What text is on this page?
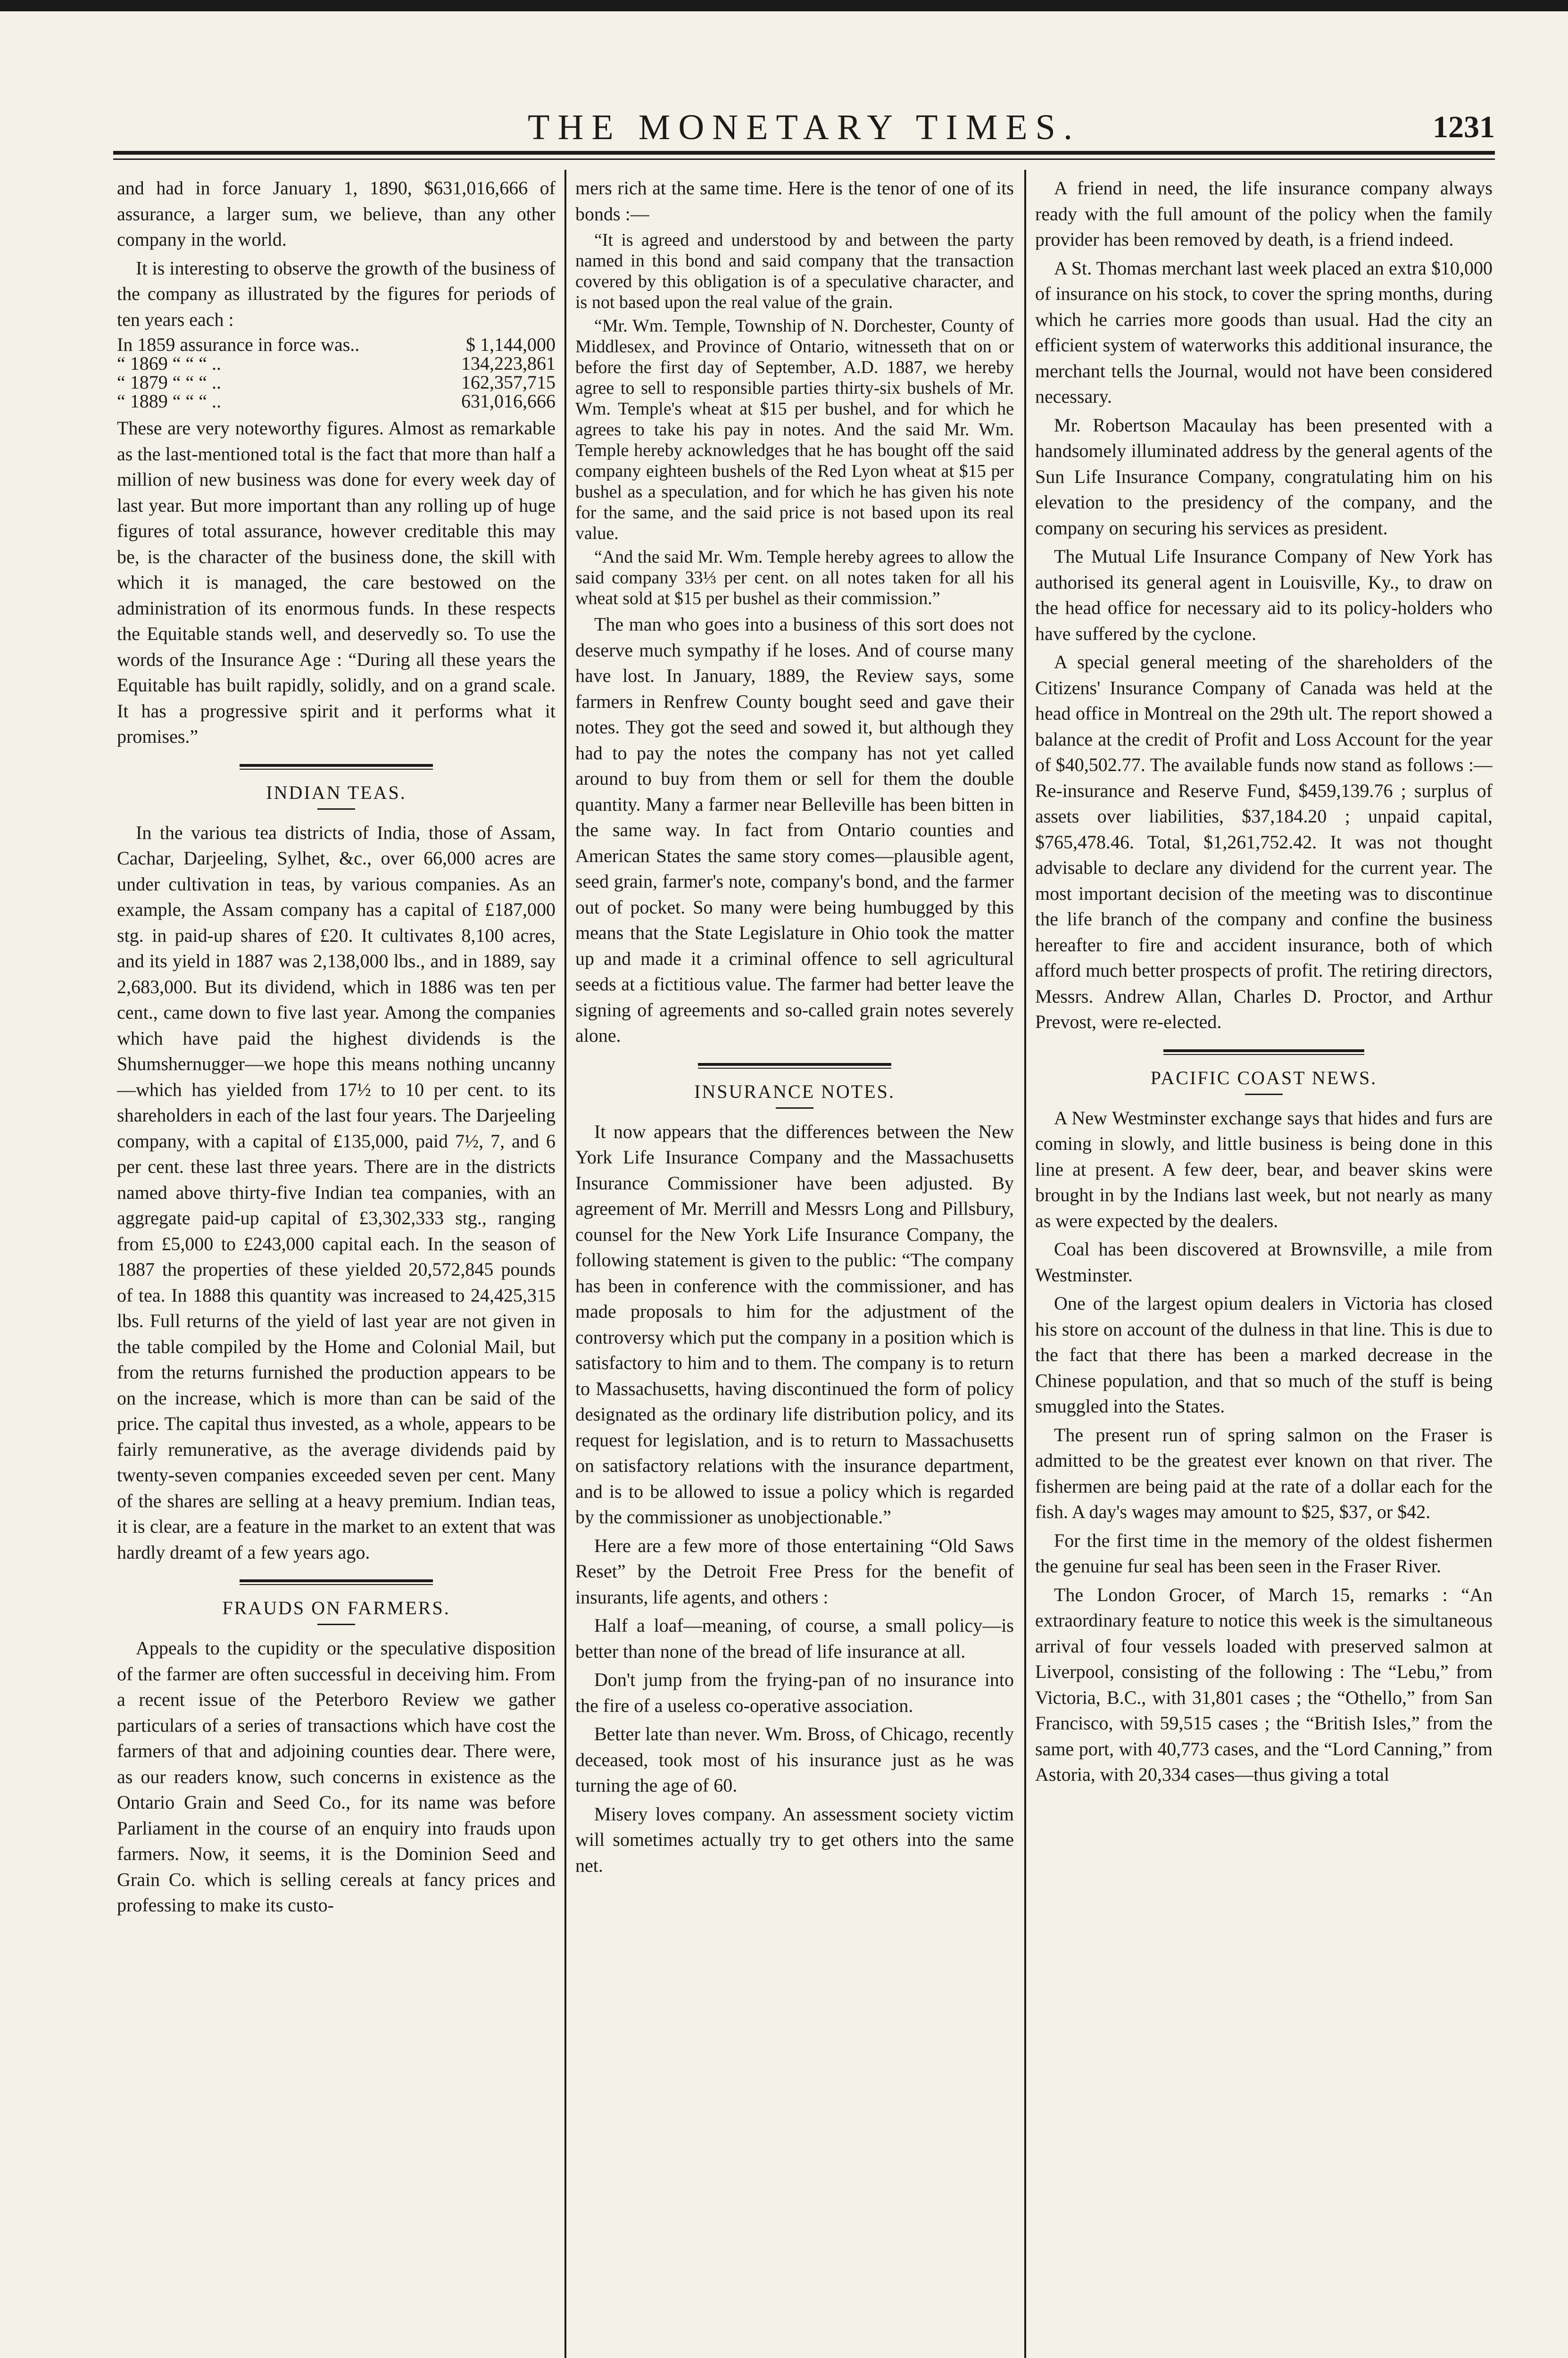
THE MONETARY TIMES.	1231

and had in force January 1, 1890, $631,016,666 of assurance, a larger sum, we believe, than any other company in the world.

It is interesting to observe the growth of the business of the company as illustrated by the figures for periods of ten years each :

In 1859 assurance in force was..	$ 1,144,000
“ 1869 “ “ “ ..	134,223,861
“ 1879 “ “ “ ..	162,357,715
“ 1889 “ “ “ ..	631,016,666

These are very noteworthy figures. Almost as remarkable as the last-mentioned total is the fact that more than half a million of new business was done for every week day of last year. But more important than any rolling up of huge figures of total assurance, however creditable this may be, is the character of the business done, the skill with which it is managed, the care bestowed on the administration of its enormous funds. In these respects the Equitable stands well, and deservedly so. To use the words of the Insurance Age : “During all these years the Equitable has built rapidly, solidly, and on a grand scale. It has a progressive spirit and it performs what it promises.”

INDIAN TEAS.

In the various tea districts of India, those of Assam, Cachar, Darjeeling, Sylhet, &c., over 66,000 acres are under cultivation in teas, by various companies. As an example, the Assam company has a capital of £187,000 stg. in paid-up shares of £20. It cultivates 8,100 acres, and its yield in 1887 was 2,138,000 lbs., and in 1889, say 2,683,000. But its dividend, which in 1886 was ten per cent., came down to five last year. Among the companies which have paid the highest dividends is the Shumshernugger—we hope this means nothing uncanny—which has yielded from 17½ to 10 per cent. to its shareholders in each of the last four years. The Darjeeling company, with a capital of £135,000, paid 7½, 7, and 6 per cent. these last three years. There are in the districts named above thirty-five Indian tea companies, with an aggregate paid-up capital of £3,302,333 stg., ranging from £5,000 to £243,000 capital each. In the season of 1887 the properties of these yielded 20,572,845 pounds of tea. In 1888 this quantity was increased to 24,425,315 lbs. Full returns of the yield of last year are not given in the table compiled by the Home and Colonial Mail, but from the returns furnished the production appears to be on the increase, which is more than can be said of the price. The capital thus invested, as a whole, appears to be fairly remunerative, as the average dividends paid by twenty-seven companies exceeded seven per cent. Many of the shares are selling at a heavy premium. Indian teas, it is clear, are a feature in the market to an extent that was hardly dreamt of a few years ago.

FRAUDS ON FARMERS.

Appeals to the cupidity or the speculative disposition of the farmer are often successful in deceiving him. From a recent issue of the Peterboro Review we gather particulars of a series of transactions which have cost the farmers of that and adjoining counties dear. There were, as our readers know, such concerns in existence as the Ontario Grain and Seed Co., for its name was before Parliament in the course of an enquiry into frauds upon farmers. Now, it seems, it is the Dominion Seed and Grain Co. which is selling cereals at fancy prices and professing to make its custo-

mers rich at the same time. Here is the tenor of one of its bonds :—

“It is agreed and understood by and between the party named in this bond and said company that the transaction covered by this obligation is of a speculative character, and is not based upon the real value of the grain.

“Mr. Wm. Temple, Township of N. Dorchester, County of Middlesex, and Province of Ontario, witnesseth that on or before the first day of September, A.D. 1887, we hereby agree to sell to responsible parties thirty-six bushels of Mr. Wm. Temple's wheat at $15 per bushel, and for which he agrees to take his pay in notes. And the said Mr. Wm. Temple hereby acknowledges that he has bought off the said company eighteen bushels of the Red Lyon wheat at $15 per bushel as a speculation, and for which he has given his note for the same, and the said price is not based upon its real value.

“And the said Mr. Wm. Temple hereby agrees to allow the said company 33⅓ per cent. on all notes taken for all his wheat sold at $15 per bushel as their commission.”

The man who goes into a business of this sort does not deserve much sympathy if he loses. And of course many have lost. In January, 1889, the Review says, some farmers in Renfrew County bought seed and gave their notes. They got the seed and sowed it, but although they had to pay the notes the company has not yet called around to buy from them or sell for them the double quantity. Many a farmer near Belleville has been bitten in the same way. In fact from Ontario counties and American States the same story comes—plausible agent, seed grain, farmer's note, company's bond, and the farmer out of pocket. So many were being humbugged by this means that the State Legislature in Ohio took the matter up and made it a criminal offence to sell agricultural seeds at a fictitious value. The farmer had better leave the signing of agreements and so-called grain notes severely alone.

INSURANCE NOTES.

It now appears that the differences between the New York Life Insurance Company and the Massachusetts Insurance Commissioner have been adjusted. By agreement of Mr. Merrill and Messrs Long and Pillsbury, counsel for the New York Life Insurance Company, the following statement is given to the public: “The company has been in conference with the commissioner, and has made proposals to him for the adjustment of the controversy which put the company in a position which is satisfactory to him and to them. The company is to return to Massachusetts, having discontinued the form of policy designated as the ordinary life distribution policy, and its request for legislation, and is to return to Massachusetts on satisfactory relations with the insurance department, and is to be allowed to issue a policy which is regarded by the commissioner as unobjectionable.”

Here are a few more of those entertaining “Old Saws Reset” by the Detroit Free Press for the benefit of insurants, life agents, and others :

Half a loaf—meaning, of course, a small policy—is better than none of the bread of life insurance at all.

Don't jump from the frying-pan of no insurance into the fire of a useless co-operative association.

Better late than never. Wm. Bross, of Chicago, recently deceased, took most of his insurance just as he was turning the age of 60.

Misery loves company. An assessment society victim will sometimes actually try to get others into the same net.

A friend in need, the life insurance company always ready with the full amount of the policy when the family provider has been removed by death, is a friend indeed.

A St. Thomas merchant last week placed an extra $10,000 of insurance on his stock, to cover the spring months, during which he carries more goods than usual. Had the city an efficient system of waterworks this additional insurance, the merchant tells the Journal, would not have been considered necessary.

Mr. Robertson Macaulay has been presented with a handsomely illuminated address by the general agents of the Sun Life Insurance Company, congratulating him on his elevation to the presidency of the company, and the company on securing his services as president.

The Mutual Life Insurance Company of New York has authorised its general agent in Louisville, Ky., to draw on the head office for necessary aid to its policy-holders who have suffered by the cyclone.

A special general meeting of the shareholders of the Citizens' Insurance Company of Canada was held at the head office in Montreal on the 29th ult. The report showed a balance at the credit of Profit and Loss Account for the year of $40,502.77. The available funds now stand as follows :—Re-insurance and Reserve Fund, $459,139.76 ; surplus of assets over liabilities, $37,184.20 ; unpaid capital, $765,478.46. Total, $1,261,752.42. It was not thought advisable to declare any dividend for the current year. The most important decision of the meeting was to discontinue the life branch of the company and confine the business hereafter to fire and accident insurance, both of which afford much better prospects of profit. The retiring directors, Messrs. Andrew Allan, Charles D. Proctor, and Arthur Prevost, were re-elected.

PACIFIC COAST NEWS.

A New Westminster exchange says that hides and furs are coming in slowly, and little business is being done in this line at present. A few deer, bear, and beaver skins were brought in by the Indians last week, but not nearly as many as were expected by the dealers.

Coal has been discovered at Brownsville, a mile from Westminster.

One of the largest opium dealers in Victoria has closed his store on account of the dulness in that line. This is due to the fact that there has been a marked decrease in the Chinese population, and that so much of the stuff is being smuggled into the States.

The present run of spring salmon on the Fraser is admitted to be the greatest ever known on that river. The fishermen are being paid at the rate of a dollar each for the fish. A day's wages may amount to $25, $37, or $42.

For the first time in the memory of the oldest fishermen the genuine fur seal has been seen in the Fraser River.

The London Grocer, of March 15, remarks : “An extraordinary feature to notice this week is the simultaneous arrival of four vessels loaded with preserved salmon at Liverpool, consisting of the following : The “Lebu,” from Victoria, B.C., with 31,801 cases ; the “Othello,” from San Francisco, with 59,515 cases ; the “British Isles,” from the same port, with 40,773 cases, and the “Lord Canning,” from Astoria, with 20,334 cases—thus giving a total
